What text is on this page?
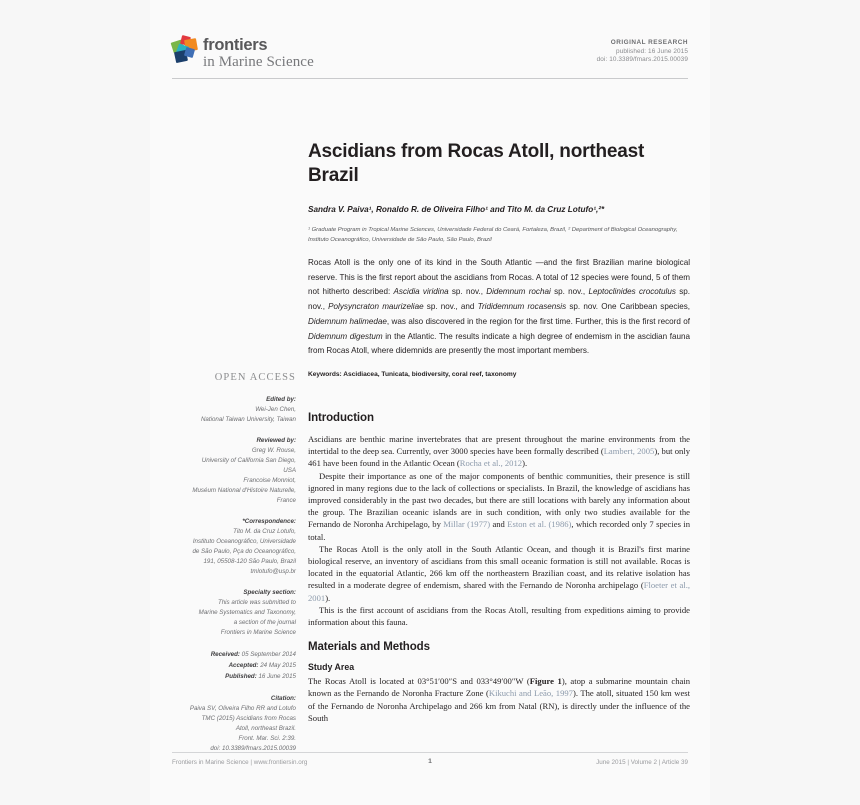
frontiers
in Marine Science
ORIGINAL RESEARCH
published: 16 June 2015
doi: 10.3389/fmars.2015.00039
Ascidians from Rocas Atoll, northeast Brazil
Sandra V. Paiva¹, Ronaldo R. de Oliveira Filho¹ and Tito M. da Cruz Lotufo¹,²*
¹ Graduate Program in Tropical Marine Sciences, Universidade Federal do Ceará, Fortaleza, Brazil, ² Department of Biological Oceanography, Instituto Oceanográfico, Universidade de São Paulo, São Paulo, Brazil

Rocas Atoll is the only one of its kind in the South Atlantic —and the first Brazilian marine biological reserve. This is the first report about the ascidians from Rocas. A total of 12 species were found, 5 of them not hitherto described: Ascidia viridina sp. nov., Didemnum rochai sp. nov., Leptoclinides crocotulus sp. nov., Polysyncraton maurizeliae sp. nov., and Trididemnum rocasensis sp. nov. One Caribbean species, Didemnum halimedae, was also discovered in the region for the first time. Further, this is the first record of Didemnum digestum in the Atlantic. The results indicate a high degree of endemism in the ascidian fauna from Rocas Atoll, where didemnids are presently the most important members.

Keywords: Ascidiacea, Tunicata, biodiversity, coral reef, taxonomy
OPEN ACCESS
Edited by:
Wei-Jen Chen,
National Taiwan University, Taiwan
Reviewed by:
Greg W. Rouse,
University of California San Diego,
USA
Francoise Monniot,
Muséum National d'Histoire Naturelle,
France
*Correspondence:
Tito M. da Cruz Lotufo,
Instituto Oceanográfico, Universidade
de São Paulo, Pça do Oceanográfico,
191, 05508-120 São Paulo, Brazil
tmlotufo@usp.br
Specialty section:
This article was submitted to
Marine Systematics and Taxonomy,
a section of the journal
Frontiers in Marine Science
Received: 05 September 2014
Accepted: 24 May 2015
Published: 16 June 2015
Citation:
Paiva SV, Oliveira Filho RR and Lotufo
TMC (2015) Ascidians from Rocas
Atoll, northeast Brazil.
Front. Mar. Sci. 2:39.
doi: 10.3389/fmars.2015.00039
Introduction

Ascidians are benthic marine invertebrates that are present throughout the marine environments from the intertidal to the deep sea. Currently, over 3000 species have been formally described (Lambert, 2005), but only 461 have been found in the Atlantic Ocean (Rocha et al., 2012).

Despite their importance as one of the major components of benthic communities, their presence is still ignored in many regions due to the lack of collections or specialists. In Brazil, the knowledge of ascidians has improved considerably in the past two decades, but there are still locations with barely any information about the group. The Brazilian oceanic islands are in such condition, with only two studies available for the Fernando de Noronha Archipelago, by Millar (1977) and Eston et al. (1986), which recorded only 7 species in total.

The Rocas Atoll is the only atoll in the South Atlantic Ocean, and though it is Brazil's first marine biological reserve, an inventory of ascidians from this small oceanic formation is still not available. Rocas is located in the equatorial Atlantic, 266 km off the northeastern Brazilian coast, and its relative isolation has resulted in a moderate degree of endemism, shared with the Fernando de Noronha archipelago (Floeter et al., 2001).

This is the first account of ascidians from the Rocas Atoll, resulting from expeditions aiming to provide information about this fauna.

Materials and Methods
Study Area

The Rocas Atoll is located at 03°51′00″S and 033°49′00″W (Figure 1), atop a submarine mountain chain known as the Fernando de Noronha Fracture Zone (Kikuchi and Leão, 1997). The atoll, situated 150 km west of the Fernando de Noronha Archipelago and 266 km from Natal (RN), is directly under the influence of the South

Frontiers in Marine Science | www.frontiersin.org	June 2015 | Volume 2 | Article 39
1
